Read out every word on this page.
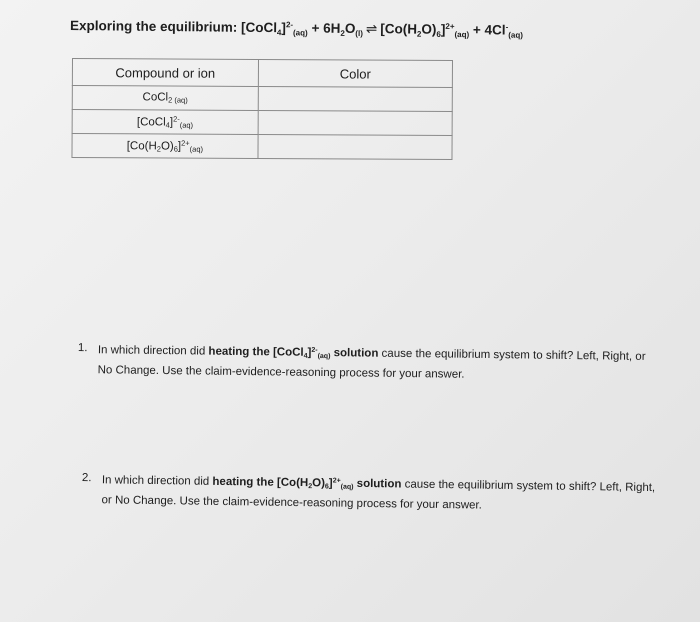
Exploring the equilibrium: [CoCl$_4$]$^{2-}_{(aq)}$ + $6H_2O_{(l)}$ ⇌ $[Co(H_2O)_6]^{2+}_{(aq)} + 4Cl^-_{(aq)}$
Compound or ion	Color
CoCl$_2$ $_{(aq)}$	
[CoCl$_4$]$^{2-}_{(aq)}$	
$[Co(H_2O)_6]^{2+}_{(aq)}$	
1. In which direction did heating the [CoCl4]$^{2-}$(aq) solution cause the equilibrium system to shift? Left, Right, or No Change. Use the claim-evidence-reasoning process for your answer.
2. In which direction did heating the $[Co(H2O)6]^{2+}(aq)$ solution cause the equilibrium system to shift? Left, Right, or No Change. Use the claim-evidence-reasoning process for your answer.
